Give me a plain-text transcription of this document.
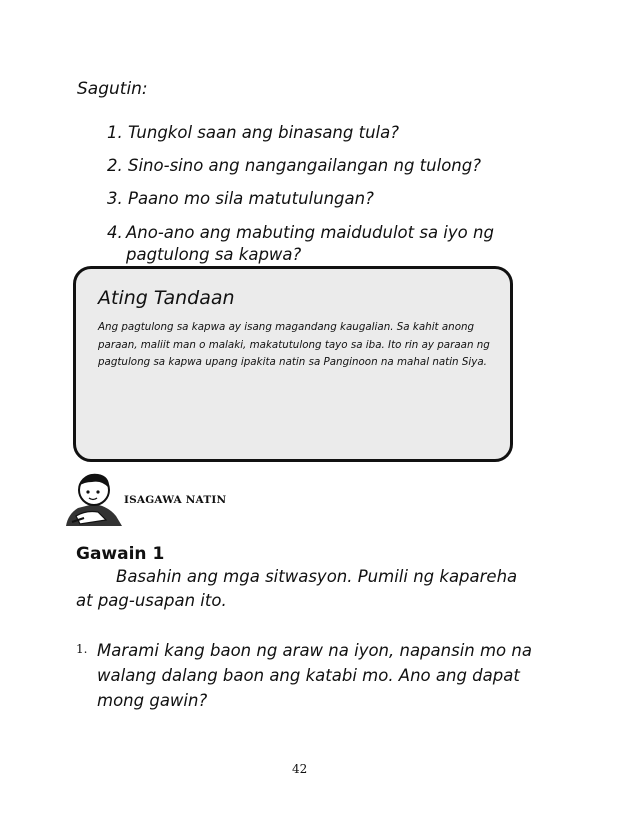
Sagutin:
1. Tungkol saan ang binasang tula?
2. Sino-sino ang nangangailangan ng tulong?
3. Paano mo sila matutulungan?
4. Ano-ano ang mabuting maidudulot sa iyo ng pagtulong sa kapwa?
Ating Tandaan
Ang pagtulong sa kapwa ay isang magandang kaugalian. Sa kahit anong paraan, maliit man o malaki, makatutulong tayo sa iba. Ito rin ay paraan ng pagtulong sa kapwa upang ipakita natin sa Panginoon na mahal natin Siya.
ISAGAWA NATIN
Gawain 1
Basahin ang mga sitwasyon. Pumili ng kapareha
at pag-usapan ito.
1. Marami kang baon ng araw na iyon, napansin mo na walang dalang baon ang katabi mo. Ano ang dapat mong gawin?
42
